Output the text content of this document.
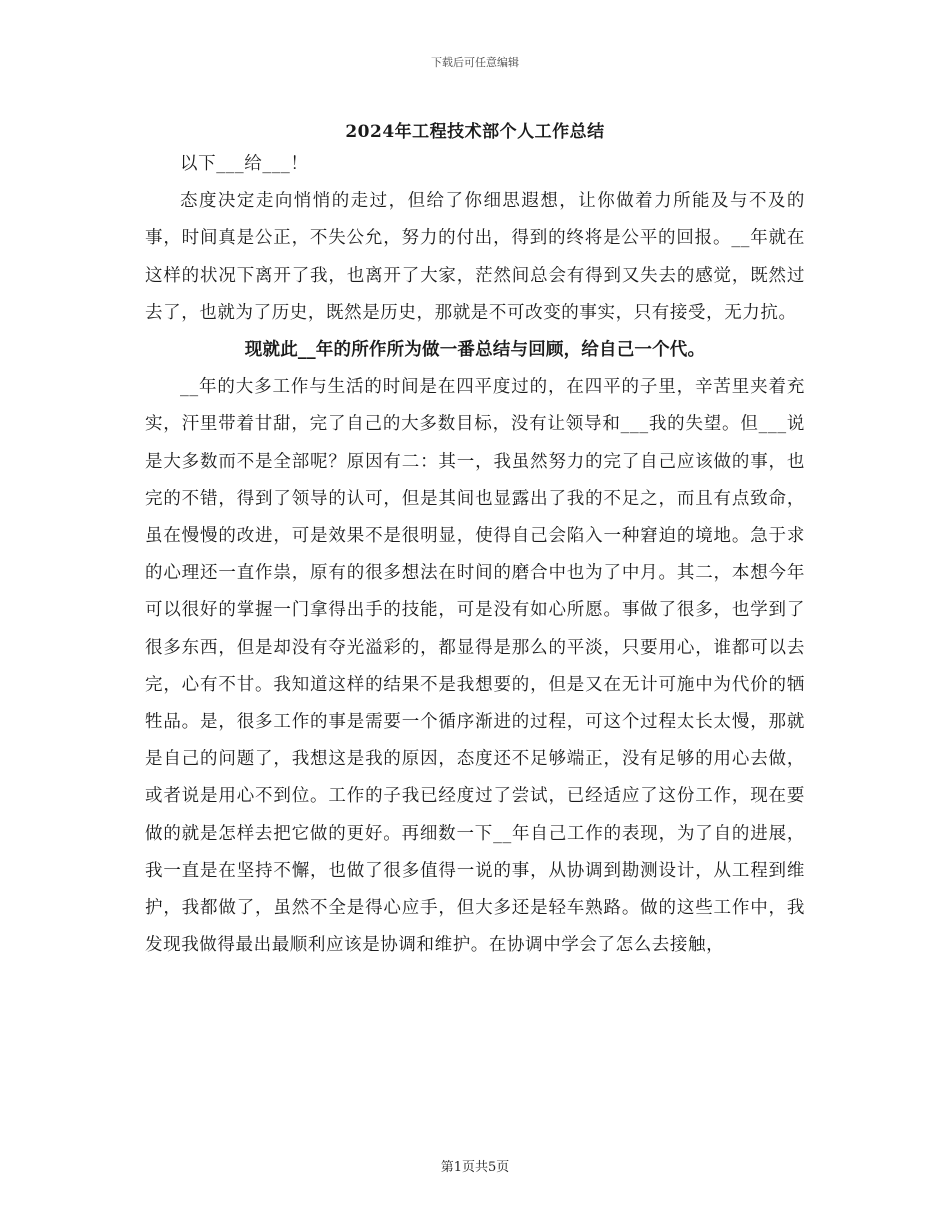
下载后可任意编辑
2024年工程技术部个人工作总结

以下___给___！

态度决定走向悄悄的走过，但给了你细思遐想，让你做着力所能及与不及的事，时间真是公正，不失公允，努力的付出，得到的终将是公平的回报。__年就在这样的状况下离开了我，也离开了大家，茫然间总会有得到又失去的感觉，既然过去了，也就为了历史，既然是历史，那就是不可改变的事实，只有接受，无力抗。

现就此__年的所作所为做一番总结与回顾，给自己一个代。

__年的大多工作与生活的时间是在四平度过的，在四平的子里，辛苦里夹着充实，汗里带着甘甜，完了自己的大多数目标，没有让领导和___我的失望。但___说是大多数而不是全部呢？原因有二：其一，我虽然努力的完了自己应该做的事，也完的不错，得到了领导的认可，但是其间也显露出了我的不足之，而且有点致命，虽在慢慢的改进，可是效果不是很明显，使得自己会陷入一种窘迫的境地。急于求的心理还一直作祟，原有的很多想法在时间的磨合中也为了中月。其二，本想今年可以很好的掌握一门拿得出手的技能，可是没有如心所愿。事做了很多，也学到了很多东西，但是却没有夺光溢彩的，都显得是那么的平淡，只要用心，谁都可以去完，心有不甘。我知道这样的结果不是我想要的，但是又在无计可施中为代价的牺牲品。是，很多工作的事是需要一个循序渐进的过程，可这个过程太长太慢，那就是自己的问题了，我想这是我的原因，态度还不足够端正，没有足够的用心去做，或者说是用心不到位。工作的子我已经度过了尝试，已经适应了这份工作，现在要做的就是怎样去把它做的更好。再细数一下__年自己工作的表现，为了自的进展，我一直是在坚持不懈，也做了很多值得一说的事，从协调到勘测设计，从工程到维护，我都做了，虽然不全是得心应手，但大多还是轻车熟路。做的这些工作中，我发现我做得最出最顺利应该是协调和维护。在协调中学会了怎么去接触，

第1页共5页
